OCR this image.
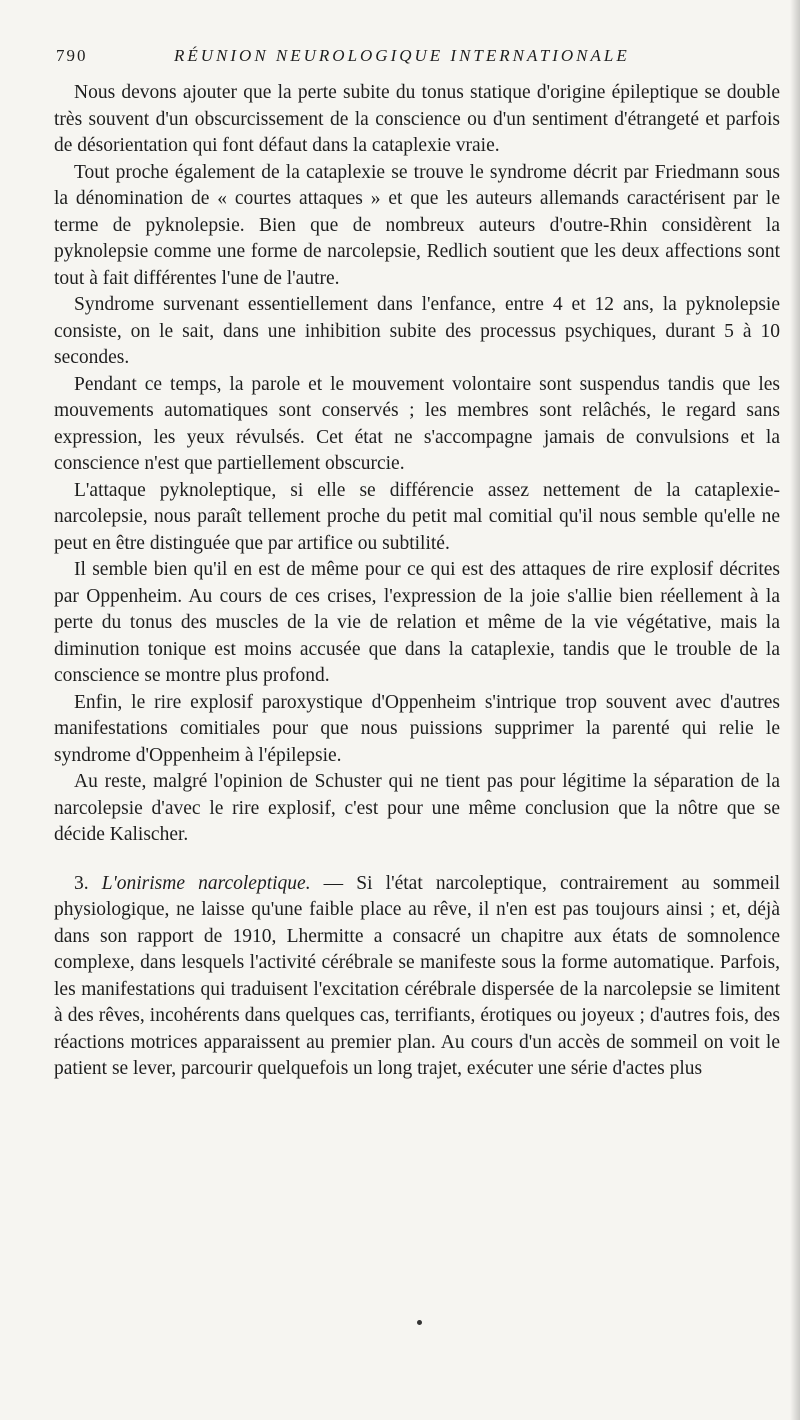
790	RÉUNION NEUROLOGIQUE INTERNATIONALE

Nous devons ajouter que la perte subite du tonus statique d'origine épileptique se double très souvent d'un obscurcissement de la conscience ou d'un sentiment d'étrangeté et parfois de désorientation qui font défaut dans la cataplexie vraie.

Tout proche également de la cataplexie se trouve le syndrome décrit par Friedmann sous la dénomination de « courtes attaques » et que les auteurs allemands caractérisent par le terme de pyknolepsie. Bien que de nombreux auteurs d'outre-Rhin considèrent la pyknolepsie comme une forme de narcolepsie, Redlich soutient que les deux affections sont tout à fait différentes l'une de l'autre.

Syndrome survenant essentiellement dans l'enfance, entre 4 et 12 ans, la pyknolepsie consiste, on le sait, dans une inhibition subite des processus psychiques, durant 5 à 10 secondes.

Pendant ce temps, la parole et le mouvement volontaire sont suspendus tandis que les mouvements automatiques sont conservés ; les membres sont relâchés, le regard sans expression, les yeux révulsés. Cet état ne s'accompagne jamais de convulsions et la conscience n'est que partiellement obscurcie.

L'attaque pyknoleptique, si elle se différencie assez nettement de la cataplexie-narcolepsie, nous paraît tellement proche du petit mal comitial qu'il nous semble qu'elle ne peut en être distinguée que par artifice ou subtilité.

Il semble bien qu'il en est de même pour ce qui est des attaques de rire explosif décrites par Oppenheim. Au cours de ces crises, l'expression de la joie s'allie bien réellement à la perte du tonus des muscles de la vie de relation et même de la vie végétative, mais la diminution tonique est moins accusée que dans la cataplexie, tandis que le trouble de la conscience se montre plus profond.

Enfin, le rire explosif paroxystique d'Oppenheim s'intrique trop souvent avec d'autres manifestations comitiales pour que nous puissions supprimer la parenté qui relie le syndrome d'Oppenheim à l'épilepsie.

Au reste, malgré l'opinion de Schuster qui ne tient pas pour légitime la séparation de la narcolepsie d'avec le rire explosif, c'est pour une même conclusion que la nôtre que se décide Kalischer.

3. L'onirisme narcoleptique. — Si l'état narcoleptique, contrairement au sommeil physiologique, ne laisse qu'une faible place au rêve, il n'en est pas toujours ainsi ; et, déjà dans son rapport de 1910, Lhermitte a consacré un chapitre aux états de somnolence complexe, dans lesquels l'activité cérébrale se manifeste sous la forme automatique. Parfois, les manifestations qui traduisent l'excitation cérébrale dispersée de la narcolepsie se limitent à des rêves, incohérents dans quelques cas, terrifiants, érotiques ou joyeux ; d'autres fois, des réactions motrices apparaissent au premier plan. Au cours d'un accès de sommeil on voit le patient se lever, parcourir quelquefois un long trajet, exécuter une série d'actes plus
